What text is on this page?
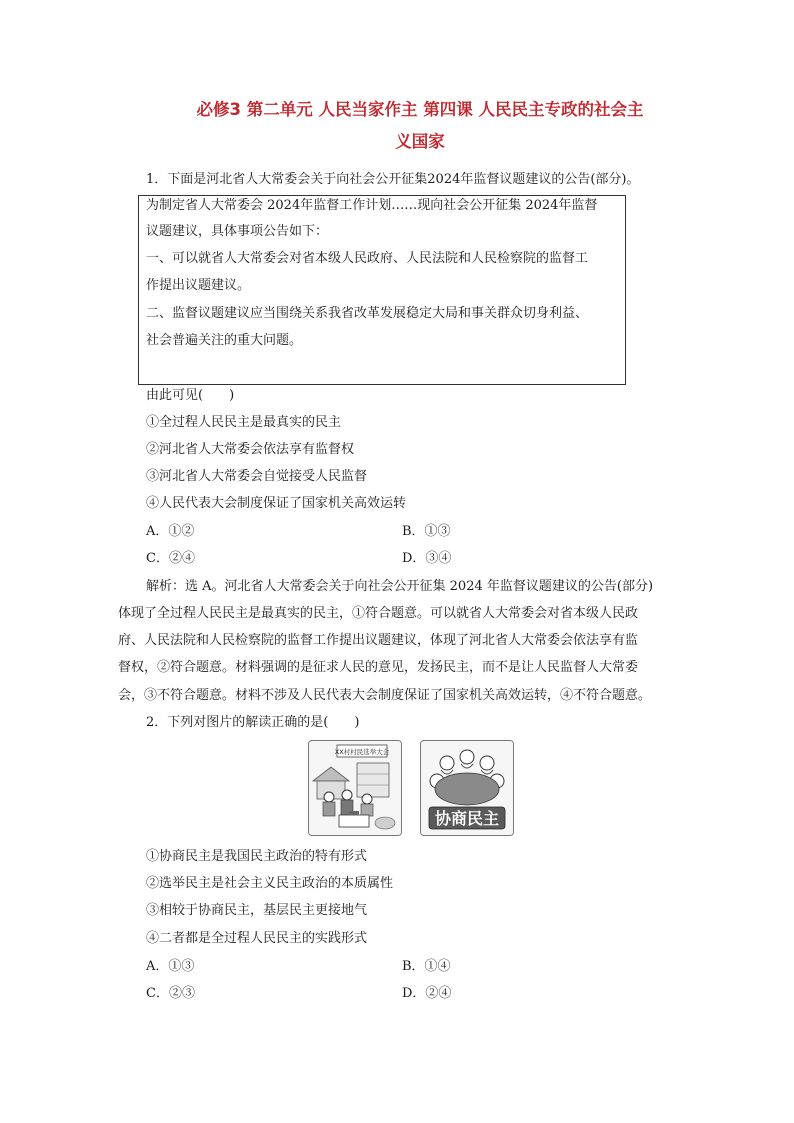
必修3 第二单元 人民当家作主 第四课 人民民主专政的社会主
义国家
1．下面是河北省人大常委会关于向社会公开征集2024年监督议题建议的公告(部分)。
为制定省人大常委会 2024年监督工作计划……现向社会公开征集 2024年监督
议题建议，具体事项公告如下：
一、可以就省人大常委会对省本级人民政府、人民法院和人民检察院的监督工
作提出议题建议。
二、监督议题建议应当围绕关系我省改革发展稳定大局和事关群众切身利益、
社会普遍关注的重大问题。
由此可见(　　)
①全过程人民民主是最真实的民主
②河北省人大常委会依法享有监督权
③河北省人大常委会自觉接受人民监督
④人民代表大会制度保证了国家机关高效运转
A．①②	B．①③
C．②④	D．③④
解析：选 A。河北省人大常委会关于向社会公开征集 2024 年监督议题建议的公告(部分)
体现了全过程人民民主是最真实的民主，①符合题意。可以就省人大常委会对省本级人民政
府、人民法院和人民检察院的监督工作提出议题建议，体现了河北省人大常委会依法享有监
督权，②符合题意。材料强调的是征求人民的意见，发扬民主，而不是让人民监督人大常委
会，③不符合题意。材料不涉及人民代表大会制度保证了国家机关高效运转，④不符合题意。
2．下列对图片的解读正确的是(　　)
XX村村民选举大会
协商民主
①协商民主是我国民主政治的特有形式
②选举民主是社会主义民主政治的本质属性
③相较于协商民主，基层民主更接地气
④二者都是全过程人民民主的实践形式
A．①③	B．①④
C．②③	D．②④
